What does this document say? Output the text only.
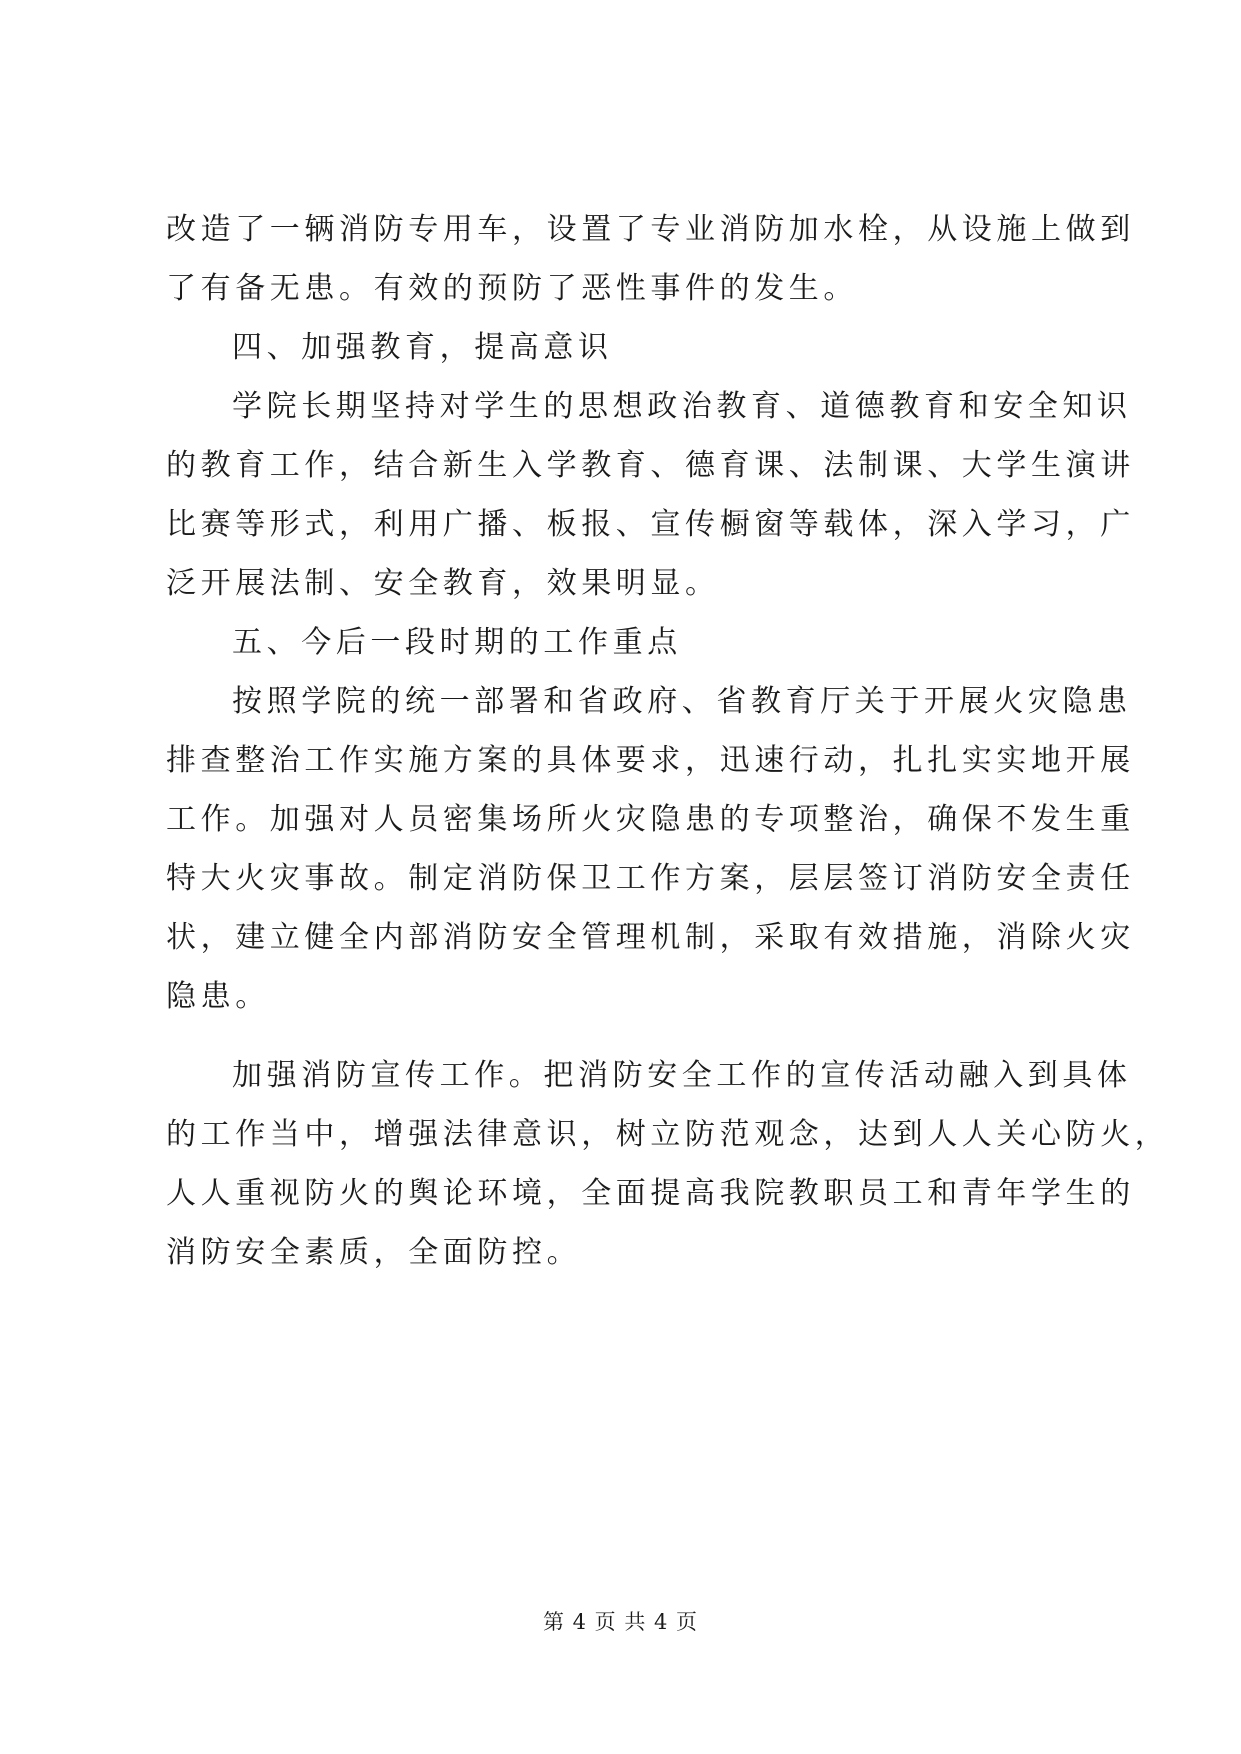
改造了一辆消防专用车，设置了专业消防加水栓，从设施上做到
了有备无患。有效的预防了恶性事件的发生。
四、加强教育，提高意识
学院长期坚持对学生的思想政治教育、道德教育和安全知识
的教育工作，结合新生入学教育、德育课、法制课、大学生演讲
比赛等形式，利用广播、板报、宣传橱窗等载体，深入学习，广
泛开展法制、安全教育，效果明显。
五、今后一段时期的工作重点
按照学院的统一部署和省政府、省教育厅关于开展火灾隐患
排查整治工作实施方案的具体要求，迅速行动，扎扎实实地开展
工作。加强对人员密集场所火灾隐患的专项整治，确保不发生重
特大火灾事故。制定消防保卫工作方案，层层签订消防安全责任
状，建立健全内部消防安全管理机制，采取有效措施，消除火灾
隐患。
加强消防宣传工作。把消防安全工作的宣传活动融入到具体
的工作当中，增强法律意识，树立防范观念，达到人人关心防火，
人人重视防火的舆论环境，全面提高我院教职员工和青年学生的
消防安全素质，全面防控。
第 4 页 共 4 页
